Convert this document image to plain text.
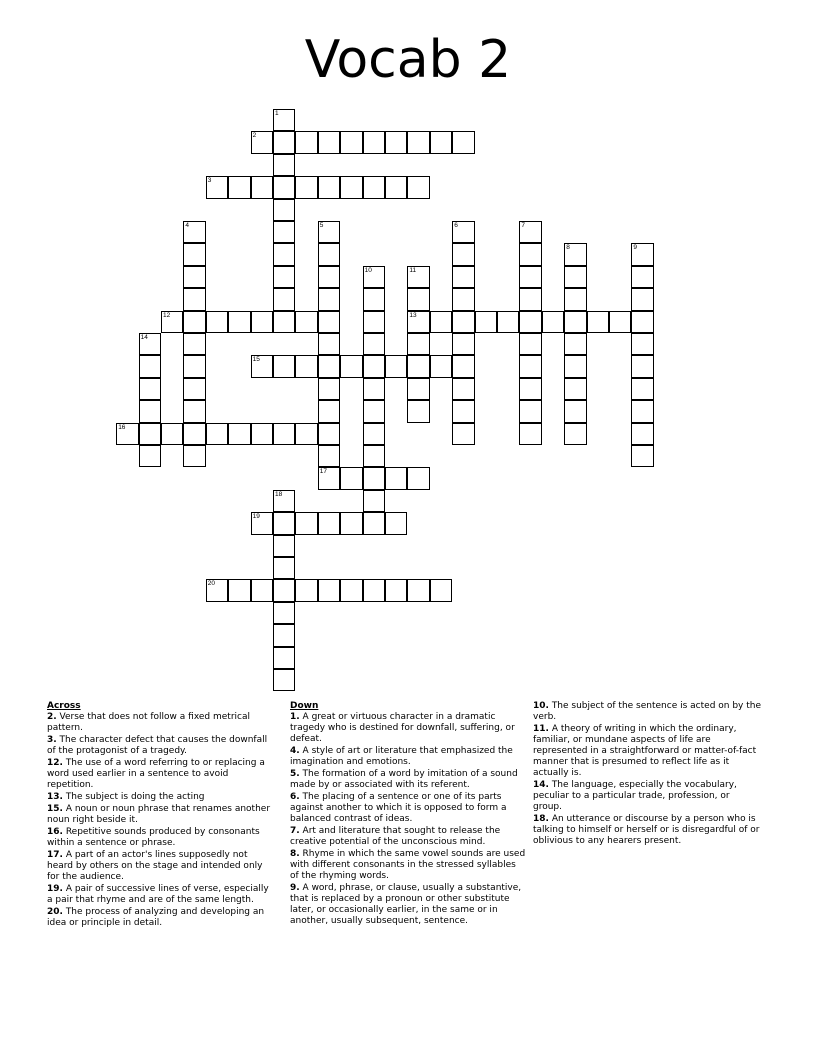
Vocab 2
1
2
3
4	5
17
6	7
8	9
10	11
13
12
14
15
16
18
19
20
Across
2. Verse that does not follow a fixed metrical pattern.
3. The character defect that causes the downfall of the protagonist of a tragedy.
12. The use of a word referring to or replacing a word used earlier in a sentence to avoid repetition.
13. The subject is doing the acting
15. A noun or noun phrase that renames another noun right beside it.
16. Repetitive sounds produced by consonants within a sentence or phrase.
17. A part of an actor's lines supposedly not heard by others on the stage and intended only for the audience.
19. A pair of successive lines of verse, especially a pair that rhyme and are of the same length.
20. The process of analyzing and developing an idea or principle in detail.
Down
1. A great or virtuous character in a dramatic tragedy who is destined for downfall, suffering, or defeat.
4. A style of art or literature that emphasized the imagination and emotions.
5. The formation of a word by imitation of a sound made by or associated with its referent.
6. The placing of a sentence or one of its parts against another to which it is opposed to form a balanced contrast of ideas.
7. Art and literature that sought to release the creative potential of the unconscious mind.
8. Rhyme in which the same vowel sounds are used with different consonants in the stressed syllables of the rhyming words.
9. A word, phrase, or clause, usually a substantive, that is replaced by a pronoun or other substitute later, or occasionally earlier, in the same or in another, usually subsequent, sentence.
10. The subject of the sentence is acted on by the verb.
11. A theory of writing in which the ordinary, familiar, or mundane aspects of life are represented in a straightforward or matter-of-fact manner that is presumed to reflect life as it actually is.
14. The language, especially the vocabulary, peculiar to a particular trade, profession, or group.
18. An utterance or discourse by a person who is talking to himself or herself or is disregardful of or oblivious to any hearers present.
